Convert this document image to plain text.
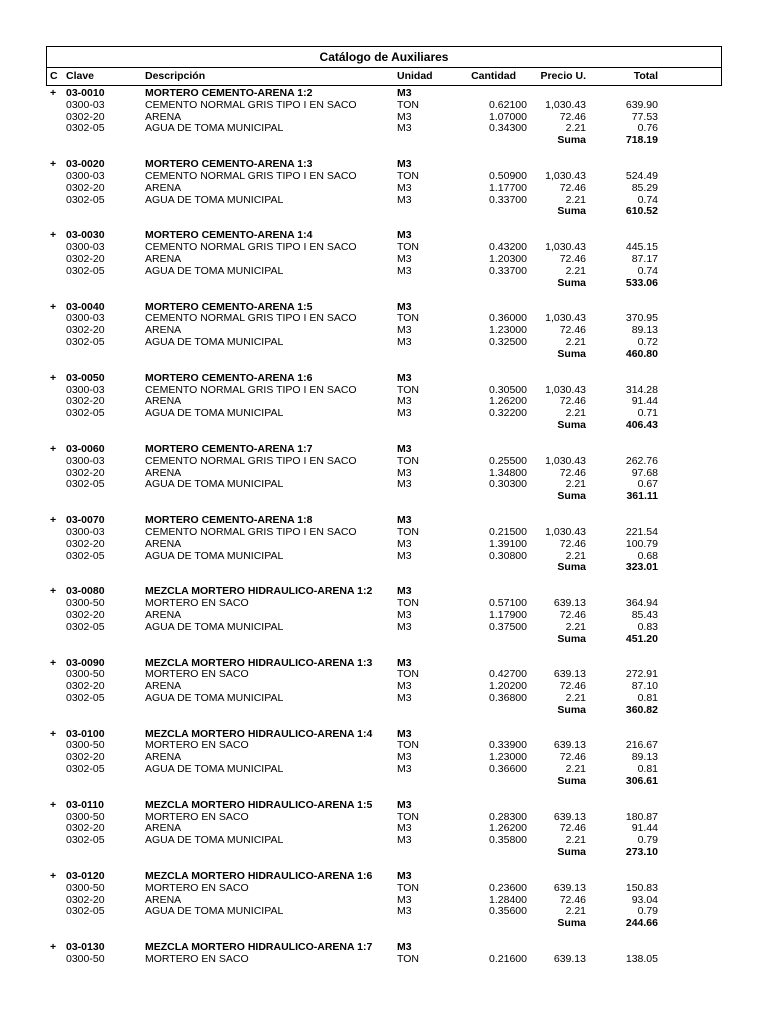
Catálogo de Auxiliares
C Clave	Descripción	Unidad	Cantidad Precio U.	Total
+ 03-0010	MORTERO CEMENTO-ARENA 1:2	M3
0300-03	CEMENTO NORMAL GRIS TIPO I EN SACO	TON	0.62100 1,030.43	639.90
0302-20	ARENA	M3	1.07000	72.46	77.53
0302-05	AGUA DE TOMA MUNICIPAL	M3	0.34300	2.21	0.76
Suma	718.19
+ 03-0020	MORTERO CEMENTO-ARENA 1:3	M3
0300-03	CEMENTO NORMAL GRIS TIPO I EN SACO	TON	0.50900 1,030.43	524.49
0302-20	ARENA	M3	1.17700	72.46	85.29
0302-05	AGUA DE TOMA MUNICIPAL	M3	0.33700	2.21	0.74
Suma	610.52
+ 03-0030	MORTERO CEMENTO-ARENA 1:4	M3
0300-03	CEMENTO NORMAL GRIS TIPO I EN SACO	TON	0.43200 1,030.43	445.15
0302-20	ARENA	M3	1.20300	72.46	87.17
0302-05	AGUA DE TOMA MUNICIPAL	M3	0.33700	2.21	0.74
Suma	533.06
+ 03-0040	MORTERO CEMENTO-ARENA 1:5	M3
0300-03	CEMENTO NORMAL GRIS TIPO I EN SACO	TON	0.36000 1,030.43	370.95
0302-20	ARENA	M3	1.23000	72.46	89.13
0302-05	AGUA DE TOMA MUNICIPAL	M3	0.32500	2.21	0.72
Suma	460.80
+ 03-0050	MORTERO CEMENTO-ARENA 1:6	M3
0300-03	CEMENTO NORMAL GRIS TIPO I EN SACO	TON	0.30500 1,030.43	314.28
0302-20	ARENA	M3	1.26200	72.46	91.44
0302-05	AGUA DE TOMA MUNICIPAL	M3	0.32200	2.21	0.71
Suma	406.43
+ 03-0060	MORTERO CEMENTO-ARENA 1:7	M3
0300-03	CEMENTO NORMAL GRIS TIPO I EN SACO	TON	0.25500 1,030.43	262.76
0302-20	ARENA	M3	1.34800	72.46	97.68
0302-05	AGUA DE TOMA MUNICIPAL	M3	0.30300	2.21	0.67
Suma	361.11
+ 03-0070	MORTERO CEMENTO-ARENA 1:8	M3
0300-03	CEMENTO NORMAL GRIS TIPO I EN SACO	TON	0.21500 1,030.43	221.54
0302-20	ARENA	M3	1.39100	72.46	100.79
0302-05	AGUA DE TOMA MUNICIPAL	M3	0.30800	2.21	0.68
Suma	323.01
+ 03-0080	MEZCLA MORTERO HIDRAULICO-ARENA 1:2 M3
0300-50	MORTERO EN SACO	TON	0.57100	639.13	364.94
0302-20	ARENA	M3	1.17900	72.46	85.43
0302-05	AGUA DE TOMA MUNICIPAL	M3	0.37500	2.21	0.83
Suma	451.20
+ 03-0090	MEZCLA MORTERO HIDRAULICO-ARENA 1:3 M3
0300-50	MORTERO EN SACO	TON	0.42700	639.13	272.91
0302-20	ARENA	M3	1.20200	72.46	87.10
0302-05	AGUA DE TOMA MUNICIPAL	M3	0.36800	2.21	0.81
Suma	360.82
+ 03-0100	MEZCLA MORTERO HIDRAULICO-ARENA 1:4 M3
0300-50	MORTERO EN SACO	TON	0.33900	639.13	216.67
0302-20	ARENA	M3	1.23000	72.46	89.13
0302-05	AGUA DE TOMA MUNICIPAL	M3	0.36600	2.21	0.81
Suma	306.61
+ 03-0110	MEZCLA MORTERO HIDRAULICO-ARENA 1:5 M3
0300-50	MORTERO EN SACO	TON	0.28300	639.13	180.87
0302-20	ARENA	M3	1.26200	72.46	91.44
0302-05	AGUA DE TOMA MUNICIPAL	M3	0.35800	2.21	0.79
Suma	273.10
+ 03-0120	MEZCLA MORTERO HIDRAULICO-ARENA 1:6 M3
0300-50	MORTERO EN SACO	TON	0.23600	639.13	150.83
0302-20	ARENA	M3	1.28400	72.46	93.04
0302-05	AGUA DE TOMA MUNICIPAL	M3	0.35600	2.21	0.79
Suma	244.66
+ 03-0130	MEZCLA MORTERO HIDRAULICO-ARENA 1:7 M3
0300-50	MORTERO EN SACO	TON	0.21600	639.13	138.05
